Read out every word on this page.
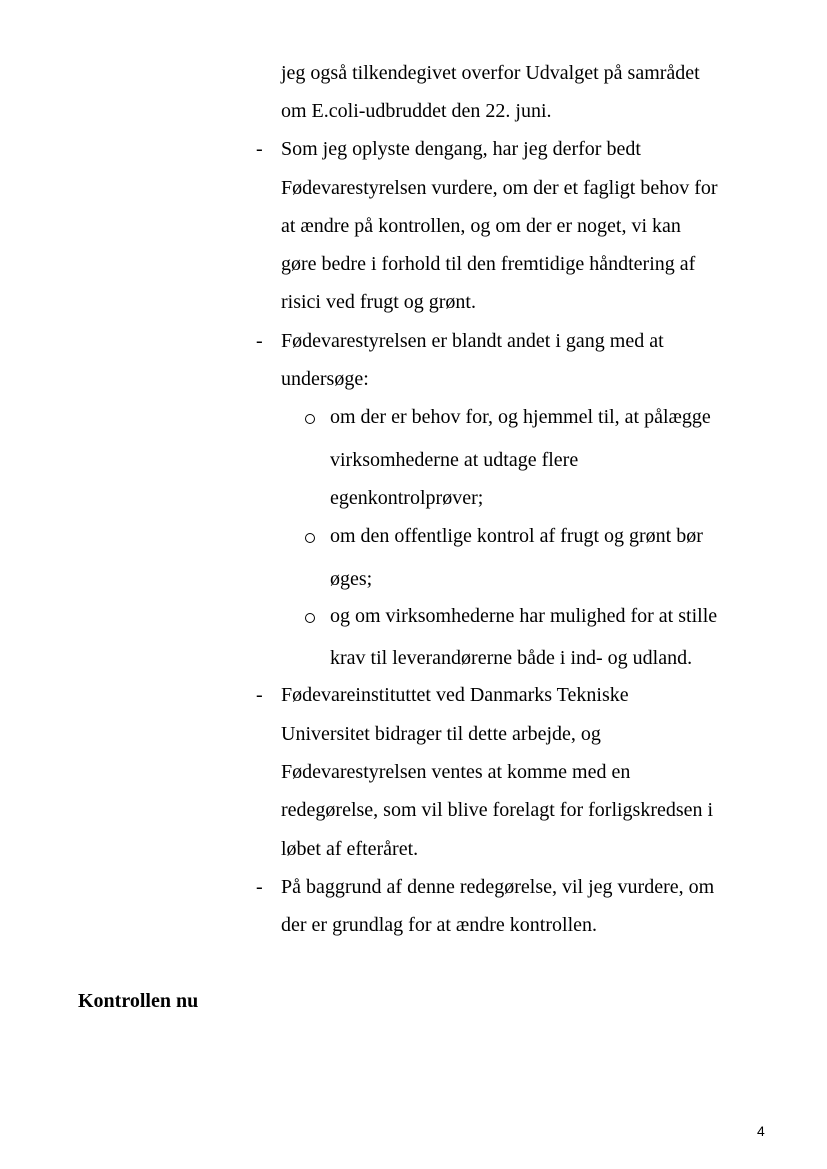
jeg også tilkendegivet overfor Udvalget på samrådet
om E.coli-udbruddet den 22. juni.
- Som jeg oplyste dengang, har jeg derfor bedt
Fødevarestyrelsen vurdere, om der et fagligt behov for
at ændre på kontrollen, og om der er noget, vi kan
gøre bedre i forhold til den fremtidige håndtering af
risici ved frugt og grønt.
- Fødevarestyrelsen er blandt andet i gang med at
undersøge:
om der er behov for, og hjemmel til, at pålægge
virksomhederne at udtage flere
egenkontrolprøver;
om den offentlige kontrol af frugt og grønt bør
øges;
og om virksomhederne har mulighed for at stille
krav til leverandørerne både i ind- og udland.
- Fødevareinstituttet ved Danmarks Tekniske
Universitet bidrager til dette arbejde, og
Fødevarestyrelsen ventes at komme med en
redegørelse, som vil blive forelagt for forligskredsen i
løbet af efteråret.
- På baggrund af denne redegørelse, vil jeg vurdere, om
der er grundlag for at ændre kontrollen.
Kontrollen nu
4
